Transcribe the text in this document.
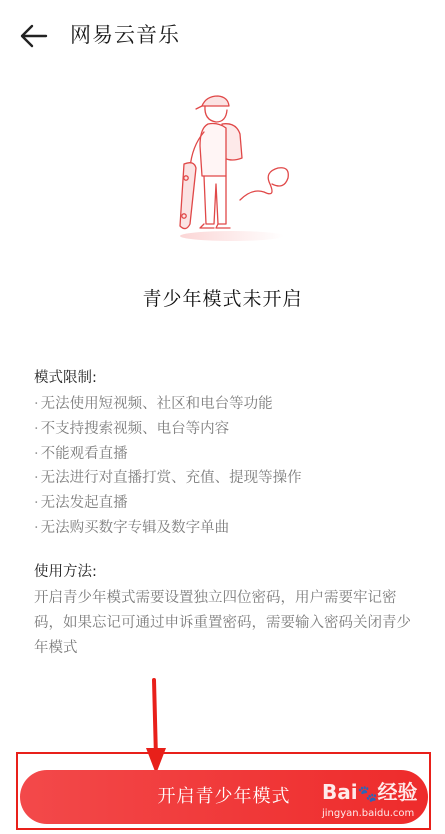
网易云音乐
青少年模式未开启
模式限制:
· 无法使用短视频、社区和电台等功能
· 不支持搜索视频、电台等内容
· 不能观看直播
· 无法进行对直播打赏、充值、提现等操作
· 无法发起直播
· 无法购买数字专辑及数字单曲
使用方法:
开启青少年模式需要设置独立四位密码，用户需要牢记密码，如果忘记可通过申诉重置密码，需要输入密码关闭青少年模式
开启青少年模式	Bai🐾经验
jingyan.baidu.com
